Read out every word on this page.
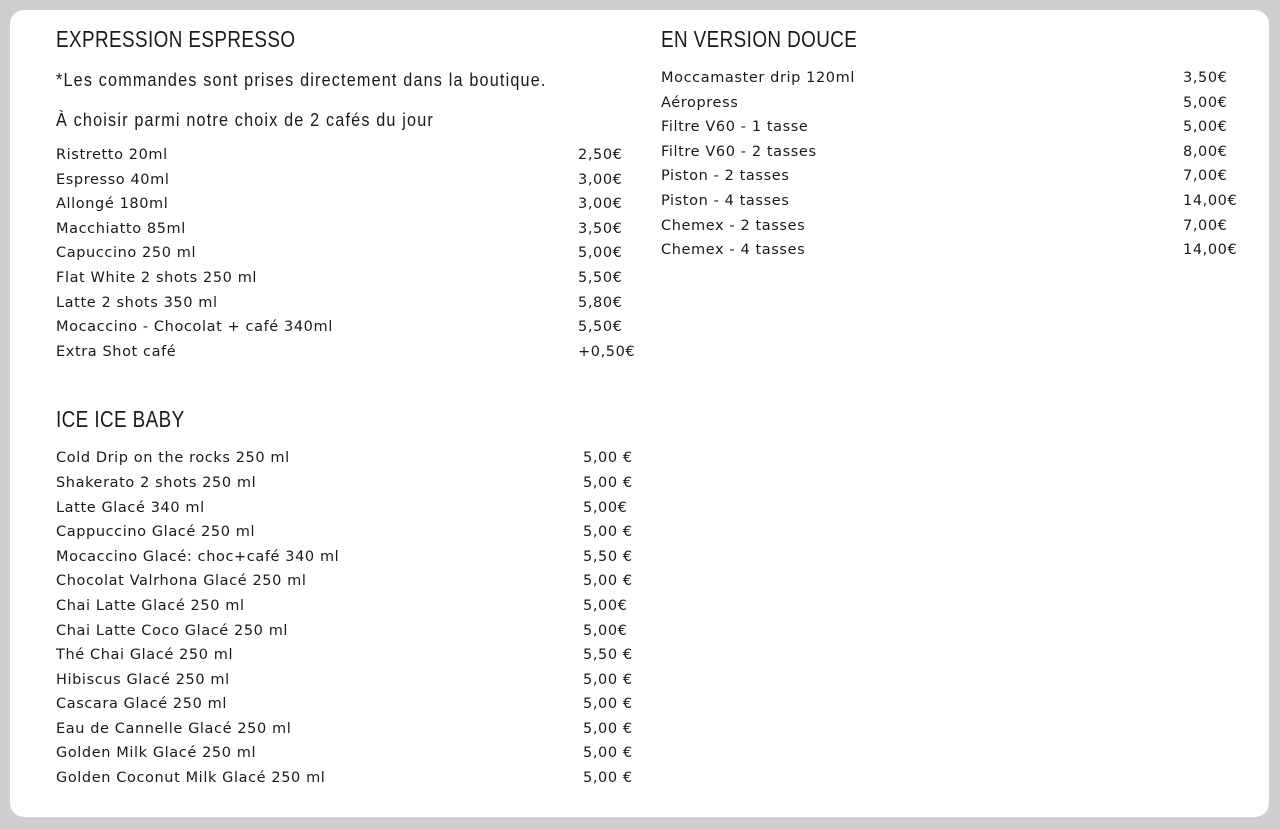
EXPRESSION ESPRESSO
*Les commandes sont prises directement dans la boutique.
À choisir parmi notre choix de 2 cafés du jour
Ristretto 20ml	2,50€
Espresso 40ml	3,00€
Allongé 180ml	3,00€
Macchiatto 85ml	3,50€
Capuccino 250 ml	5,00€
Flat White 2 shots 250 ml	5,50€
Latte 2 shots 350 ml	5,80€
Mocaccino - Chocolat + café 340ml	5,50€
Extra Shot café	+0,50€
ICE ICE BABY
Cold Drip on the rocks 250 ml	5,00 €
Shakerato 2 shots 250 ml	5,00 €
Latte Glacé 340 ml	5,00€
Cappuccino Glacé 250 ml	5,00 €
Mocaccino Glacé: choc+café 340 ml	5,50 €
Chocolat Valrhona Glacé 250 ml	5,00 €
Chai Latte Glacé 250 ml	5,00€
Chai Latte Coco Glacé 250 ml	5,00€
Thé Chai Glacé 250 ml	5,50 €
Hibiscus Glacé 250 ml	5,00 €
Cascara Glacé 250 ml	5,00 €
Eau de Cannelle Glacé 250 ml	5,00 €
Golden Milk Glacé 250 ml	5,00 €
Golden Coconut Milk Glacé 250 ml	5,00 €
EN VERSION DOUCE
Moccamaster drip 120ml	3,50€
Aéropress	5,00€
Filtre V60 - 1 tasse	5,00€
Filtre V60 - 2 tasses	8,00€
Piston - 2 tasses	7,00€
Piston - 4 tasses	14,00€
Chemex - 2 tasses	7,00€
Chemex - 4 tasses	14,00€
